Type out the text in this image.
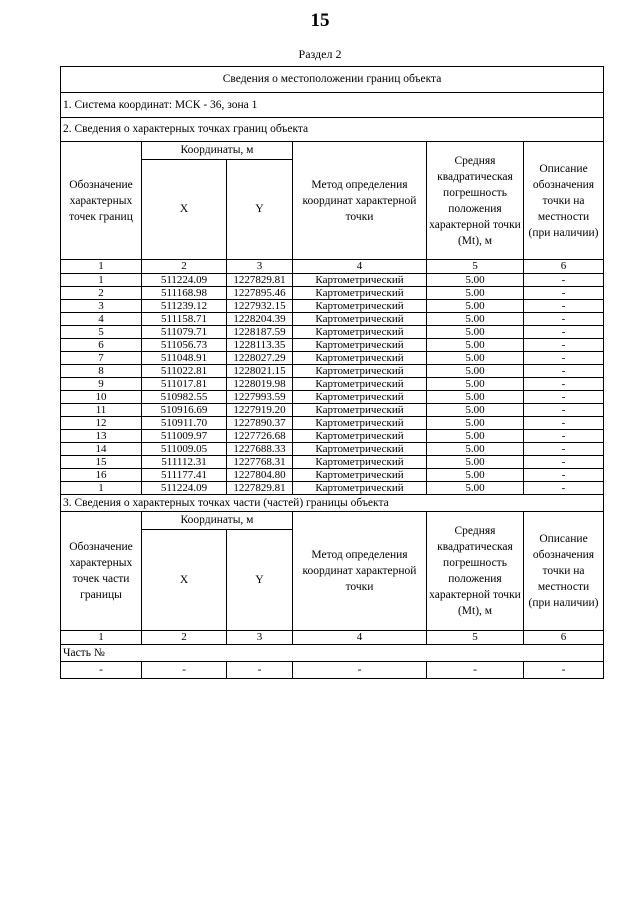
15
Раздел 2
Сведения о местоположении границ объекта					
1. Система координат: МСК - 36, зона 1					
2. Сведения о характерных точках границ объекта					
Обозначение характерных точек границ	Координаты, м		Метод определения координат характерной точки	Средняя квадратическая погрешность положения характерной точки (Mt), м	Описание обозначения точки на местности (при наличии)
	X	Y			
1	2	3	4	5	6
1	511224.09	1227829.81	Картометрический	5.00	-
2	511168.98	1227895.46	Картометрический	5.00	-
3	511239.12	1227932.15	Картометрический	5.00	-
4	511158.71	1228204.39	Картометрический	5.00	-
5	511079.71	1228187.59	Картометрический	5.00	-
6	511056.73	1228113.35	Картометрический	5.00	-
7	511048.91	1228027.29	Картометрический	5.00	-
8	511022.81	1228021.15	Картометрический	5.00	-
9	511017.81	1228019.98	Картометрический	5.00	-
10	510982.55	1227993.59	Картометрический	5.00	-
11	510916.69	1227919.20	Картометрический	5.00	-
12	510911.70	1227890.37	Картометрический	5.00	-
13	511009.97	1227726.68	Картометрический	5.00	-
14	511009.05	1227688.33	Картометрический	5.00	-
15	511112.31	1227768.31	Картометрический	5.00	-
16	511177.41	1227804.80	Картометрический	5.00	-
1	511224.09	1227829.81	Картометрический	5.00	-
3. Сведения о характерных точках части (частей) границы объекта					
Обозначение характерных точек части границы	Координаты, м		Метод определения координат характерной точки	Средняя квадратическая погрешность положения характерной точки (Mt), м	Описание обозначения точки на местности (при наличии)
	X	Y			
1	2	3	4	5	6
Часть №					
-	-	-	-	-	-
